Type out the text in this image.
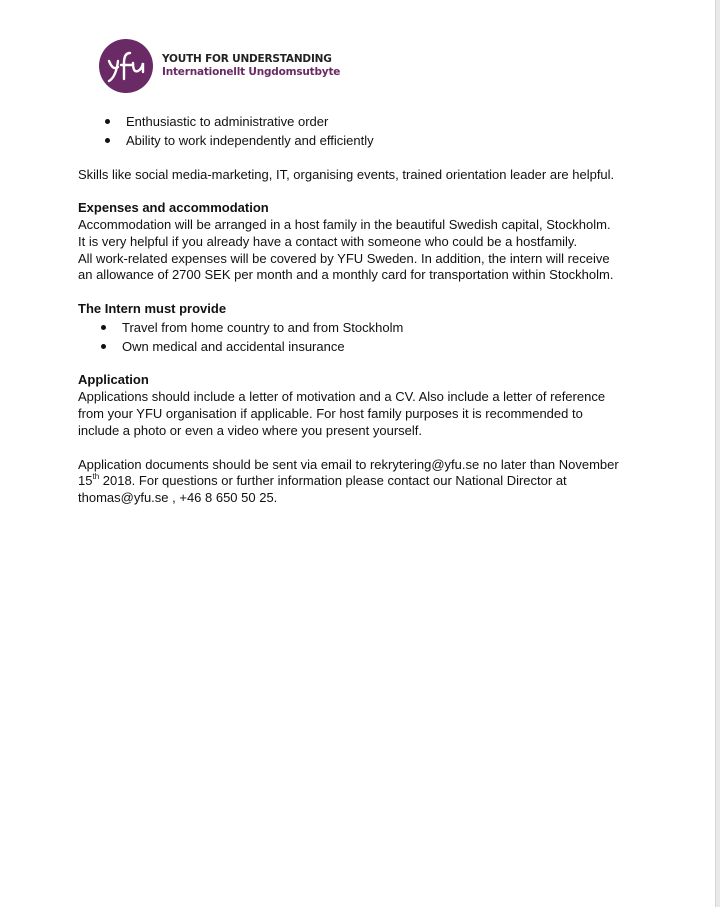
YOUTH FOR UNDERSTANDING
Internationellt Ungdomsutbyte
Enthusiastic to administrative order
Ability to work independently and efficiently
Skills like social media-marketing, IT, organising events, trained orientation leader are helpful.
Expenses and accommodation
Accommodation will be arranged in a host family in the beautiful Swedish capital, Stockholm.
It is very helpful if you already have a contact with someone who could be a hostfamily.
All work-related expenses will be covered by YFU Sweden. In addition, the intern will receive
an allowance of 2700 SEK per month and a monthly card for transportation within Stockholm.
The Intern must provide
Travel from home country to and from Stockholm
Own medical and accidental insurance
Application
Applications should include a letter of motivation and a CV. Also include a letter of reference
from your YFU organisation if applicable. For host family purposes it is recommended to
include a photo or even a video where you present yourself.
Application documents should be sent via email to rekrytering@yfu.se no later than November
15th 2018. For questions or further information please contact our National Director at
thomas@yfu.se , +46 8 650 50 25.
